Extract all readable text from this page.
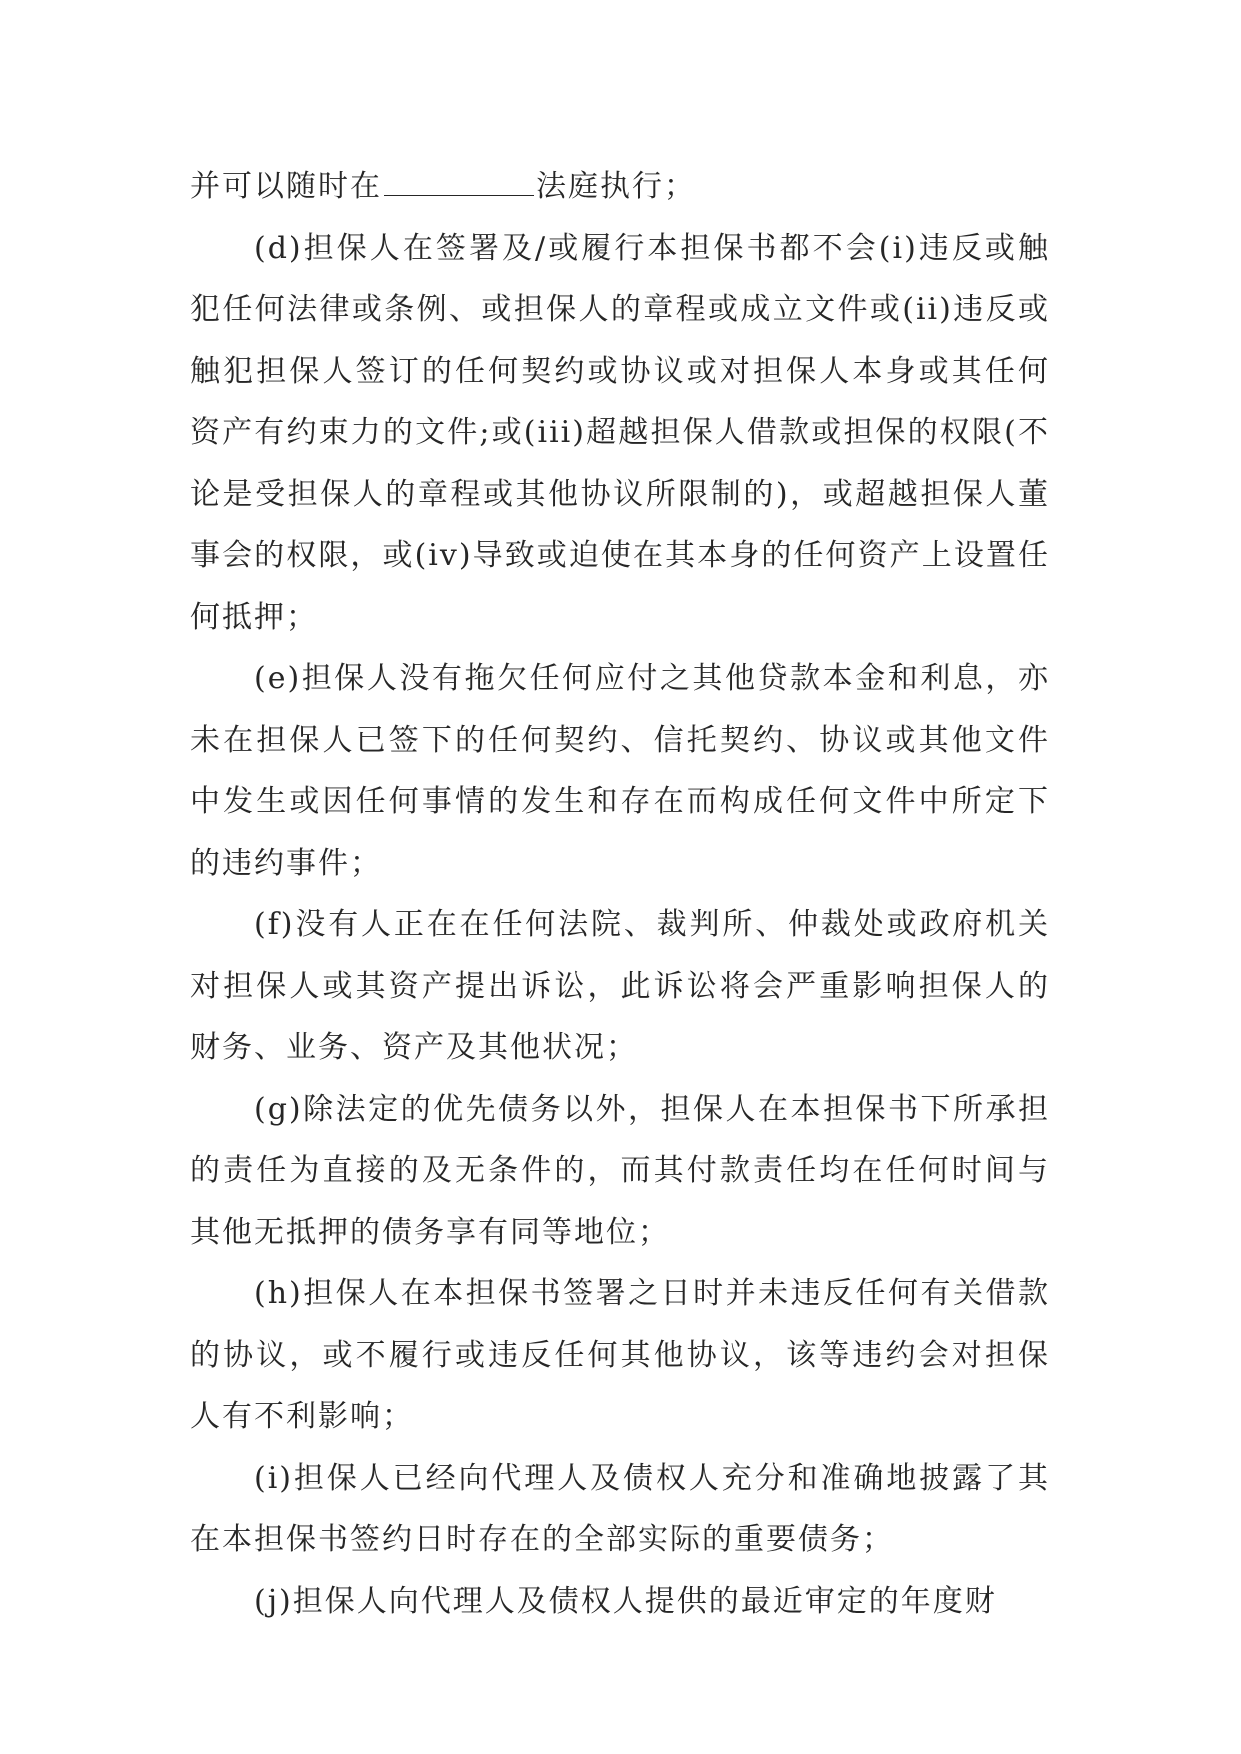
并可以随时在	法庭执行；

(d)担保人在签署及/或履行本担保书都不会(i)违反或触犯任何法律或条例、或担保人的章程或成立文件或(ii)违反或触犯担保人签订的任何契约或协议或对担保人本身或其任何资产有约束力的文件;或(iii)超越担保人借款或担保的权限(不论是受担保人的章程或其他协议所限制的)，或超越担保人董事会的权限，或(iv)导致或迫使在其本身的任何资产上设置任何抵押；

(e)担保人没有拖欠任何应付之其他贷款本金和利息，亦未在担保人已签下的任何契约、信托契约、协议或其他文件中发生或因任何事情的发生和存在而构成任何文件中所定下的违约事件；

(f)没有人正在在任何法院、裁判所、仲裁处或政府机关对担保人或其资产提出诉讼，此诉讼将会严重影响担保人的财务、业务、资产及其他状况；

(g)除法定的优先债务以外，担保人在本担保书下所承担的责任为直接的及无条件的，而其付款责任均在任何时间与其他无抵押的债务享有同等地位；

(h)担保人在本担保书签署之日时并未违反任何有关借款的协议，或不履行或违反任何其他协议，该等违约会对担保人有不利影响；

(i)担保人已经向代理人及债权人充分和准确地披露了其在本担保书签约日时存在的全部实际的重要债务；

(j)担保人向代理人及债权人提供的最近审定的年度财
